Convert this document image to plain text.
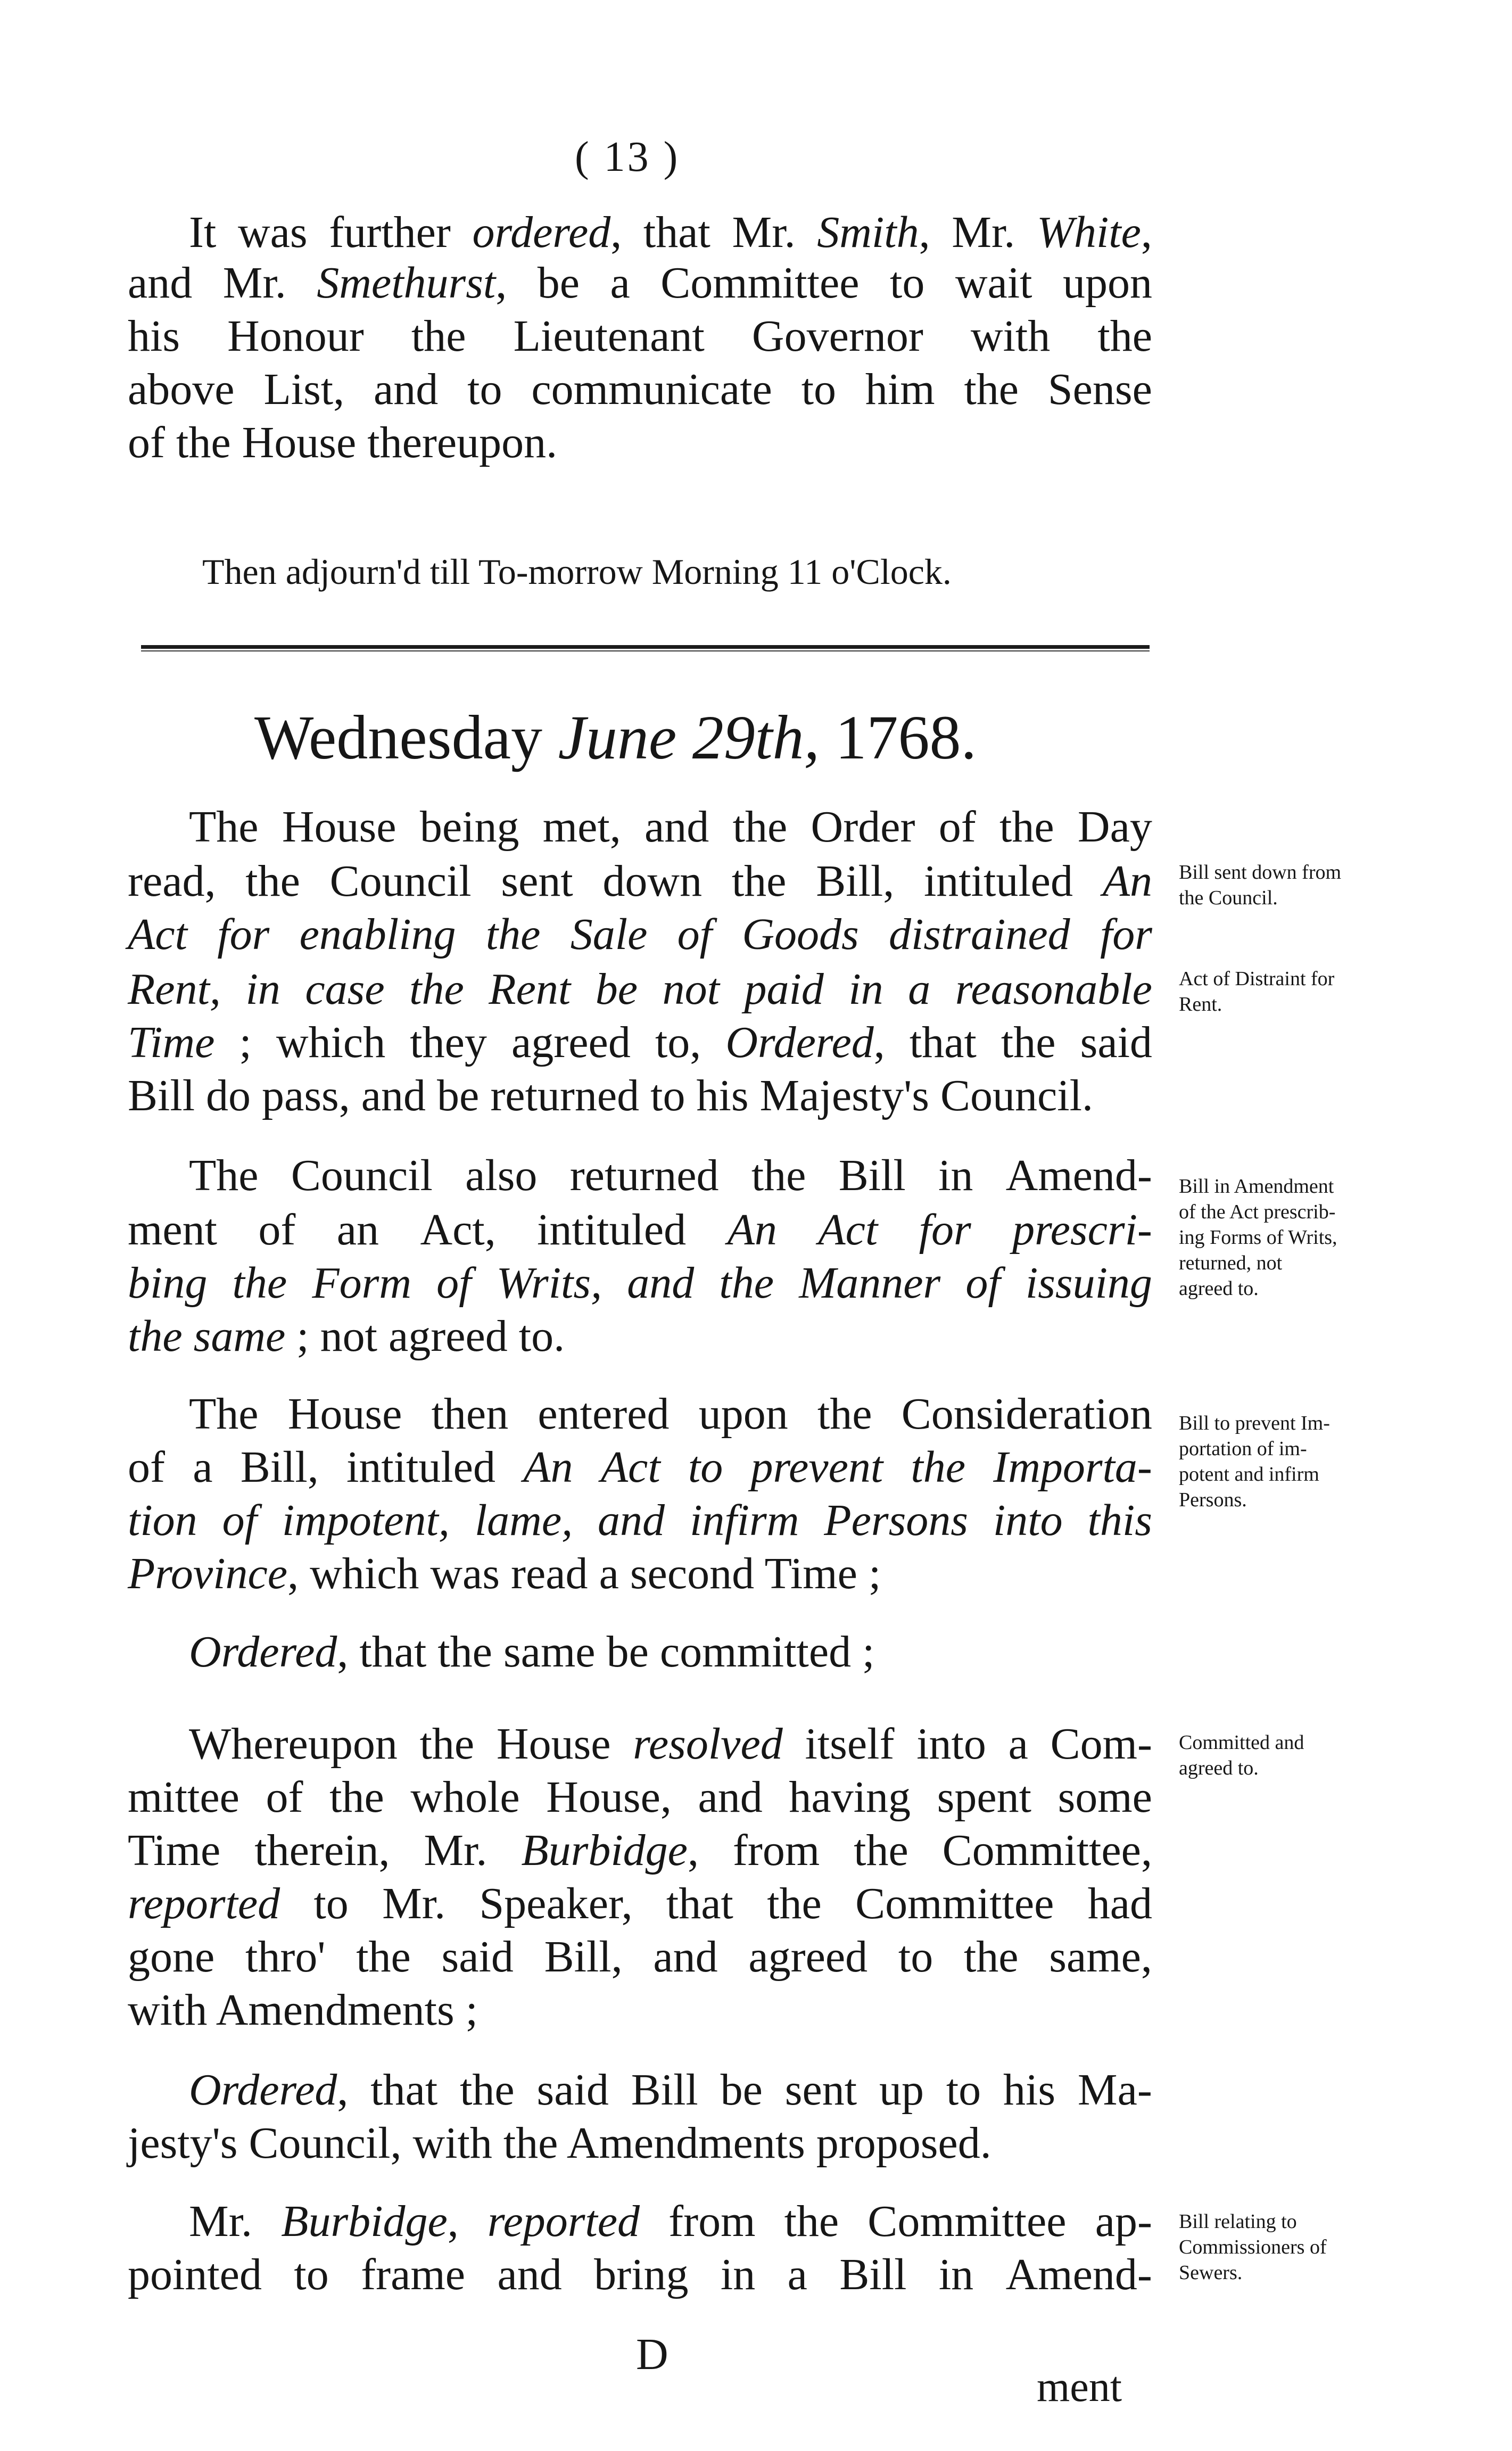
( 13 )
It was further ordered, that Mr. Smith, Mr. White,
and Mr. Smethurst, be a Committee to wait upon
his Honour the Lieutenant Governor with the
above List, and to communicate to him the Sense
of the House thereupon.
Then adjourn'd till To-morrow Morning 11 o'Clock.
Wednesday June 29th, 1768.
The House being met, and the Order of the Day
read, the Council sent down the Bill, intituled An
Act for enabling the Sale of Goods distrained for
Rent, in case the Rent be not paid in a reasonable
Time ; which they agreed to, Ordered, that the said
Bill do pass, and be returned to his Majesty's Council.
The Council also returned the Bill in Amend-
ment of an Act, intituled An Act for prescri-
bing the Form of Writs, and the Manner of issuing
the same ; not agreed to.
The House then entered upon the Consideration
of a Bill, intituled An Act to prevent the Importa-
tion of impotent, lame, and infirm Persons into this
Province, which was read a second Time ;
Ordered, that the same be committed ;
Whereupon the House resolved itself into a Com-
mittee of the whole House, and having spent some
Time therein, Mr. Burbidge, from the Committee,
reported to Mr. Speaker, that the Committee had
gone thro' the said Bill, and agreed to the same,
with Amendments ;
Ordered, that the said Bill be sent up to his Ma-
jesty's Council, with the Amendments proposed.
Mr. Burbidge, reported from the Committee ap-
pointed to frame and bring in a Bill in Amend-
Bill sent down from
the Council.
Act of Distraint for
Rent.
Bill in Amendment
of the Act prescrib-
ing Forms of Writs,
returned, not
agreed to.
Bill to prevent Im-
portation of im-
potent and infirm
Persons.
Committed and
agreed to.
Bill relating to
Commissioners of
Sewers.
D
ment
